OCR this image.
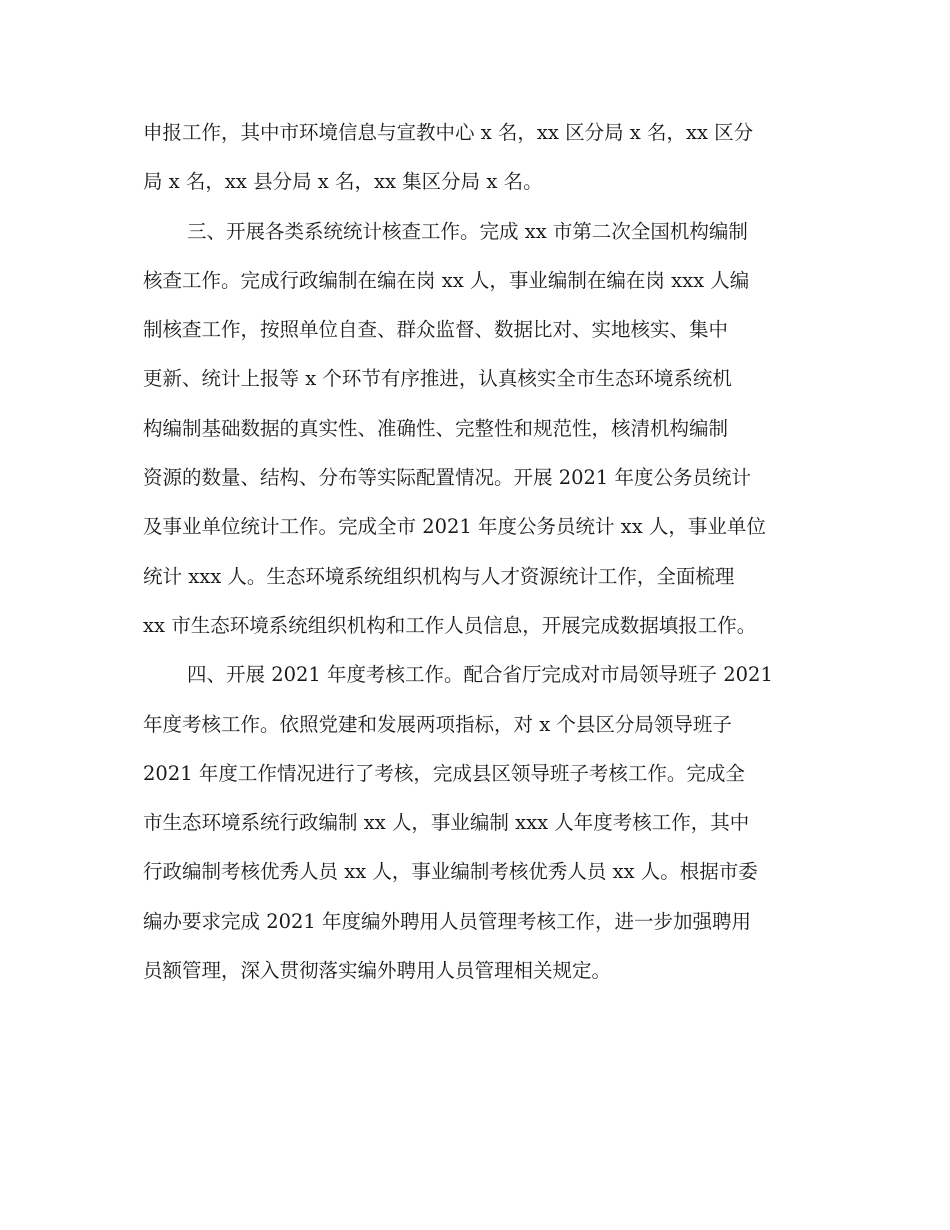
申报工作，其中市环境信息与宣教中心 x 名，xx 区分局 x 名，xx 区分
局 x 名，xx 县分局 x 名，xx 集区分局 x 名。
三、开展各类系统统计核查工作。完成 xx 市第二次全国机构编制
核查工作。完成行政编制在编在岗 xx 人，事业编制在编在岗 xxx 人编
制核查工作，按照单位自查、群众监督、数据比对、实地核实、集中
更新、统计上报等 x 个环节有序推进，认真核实全市生态环境系统机
构编制基础数据的真实性、准确性、完整性和规范性，核清机构编制
资源的数量、结构、分布等实际配置情况。开展 2021 年度公务员统计
及事业单位统计工作。完成全市 2021 年度公务员统计 xx 人，事业单位
统计 xxx 人。生态环境系统组织机构与人才资源统计工作，全面梳理
xx 市生态环境系统组织机构和工作人员信息，开展完成数据填报工作。
四、开展 2021 年度考核工作。配合省厅完成对市局领导班子 2021
年度考核工作。依照党建和发展两项指标，对 x 个县区分局领导班子
2021 年度工作情况进行了考核，完成县区领导班子考核工作。完成全
市生态环境系统行政编制 xx 人，事业编制 xxx 人年度考核工作，其中
行政编制考核优秀人员 xx 人，事业编制考核优秀人员 xx 人。根据市委
编办要求完成 2021 年度编外聘用人员管理考核工作，进一步加强聘用
员额管理，深入贯彻落实编外聘用人员管理相关规定。
